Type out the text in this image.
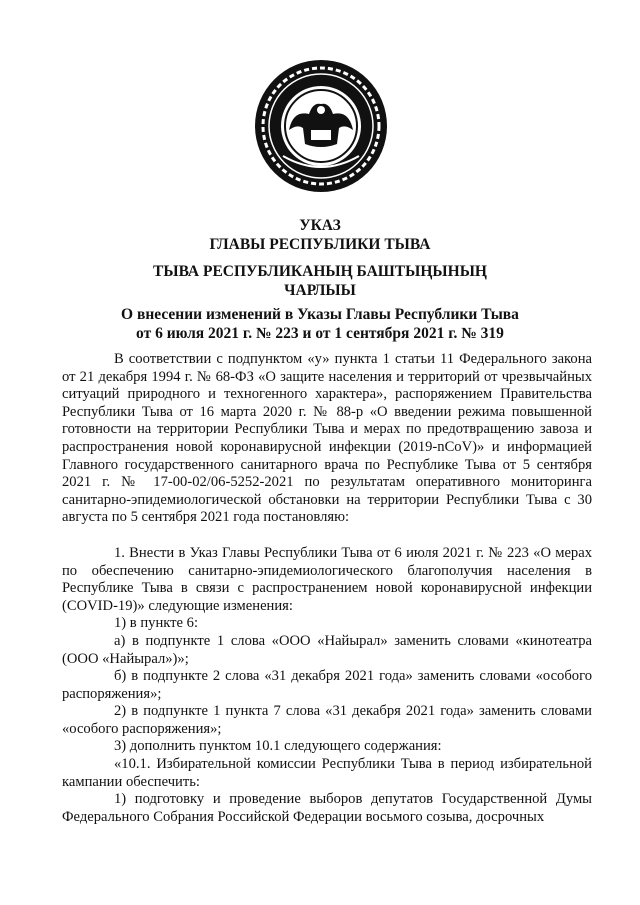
УКАЗ
ГЛАВЫ РЕСПУБЛИКИ ТЫВА
ТЫВА РЕСПУБЛИКАНЫҢ БАШТЫҢЫНЫҢ
ЧАРЛЫЫ
О внесении изменений в Указы Главы Республики Тыва
от 6 июля 2021 г. № 223 и от 1 сентября 2021 г. № 319

В соответствии с подпунктом «у» пункта 1 статьи 11 Федерального закона от 21 декабря 1994 г. № 68-ФЗ «О защите населения и территорий от чрезвычайных ситуаций природного и техногенного характера», распоряжением Правительства Республики Тыва от 16 марта 2020 г. № 88-р «О введении режима повышенной готовности на территории Республики Тыва и мерах по предотвращению завоза и распространения новой коронавирусной инфекции (2019-nCoV)» и информацией Главного государственного санитарного врача по Республике Тыва от 5 сентября 2021 г. № 17-00-02/06-5252-2021 по результатам оперативного мониторинга санитарно-эпидемиологической обстановки на территории Республики Тыва с 30 августа по 5 сентября 2021 года постановляю:

1. Внести в Указ Главы Республики Тыва от 6 июля 2021 г. № 223 «О мерах по обеспечению санитарно-эпидемиологического благополучия населения в Республике Тыва в связи с распространением новой коронавирусной инфекции (COVID-19)» следующие изменения:

1) в пункте 6:

а) в подпункте 1 слова «ООО «Найырал» заменить словами «кинотеатра (ООО «Найырал»)»;

б) в подпункте 2 слова «31 декабря 2021 года» заменить словами «особого распоряжения»;

2) в подпункте 1 пункта 7 слова «31 декабря 2021 года» заменить словами «особого распоряжения»;

3) дополнить пунктом 10.1 следующего содержания:

«10.1. Избирательной комиссии Республики Тыва в период избирательной кампании обеспечить:

1) подготовку и проведение выборов депутатов Государственной Думы Федерального Собрания Российской Федерации восьмого созыва, досрочных
